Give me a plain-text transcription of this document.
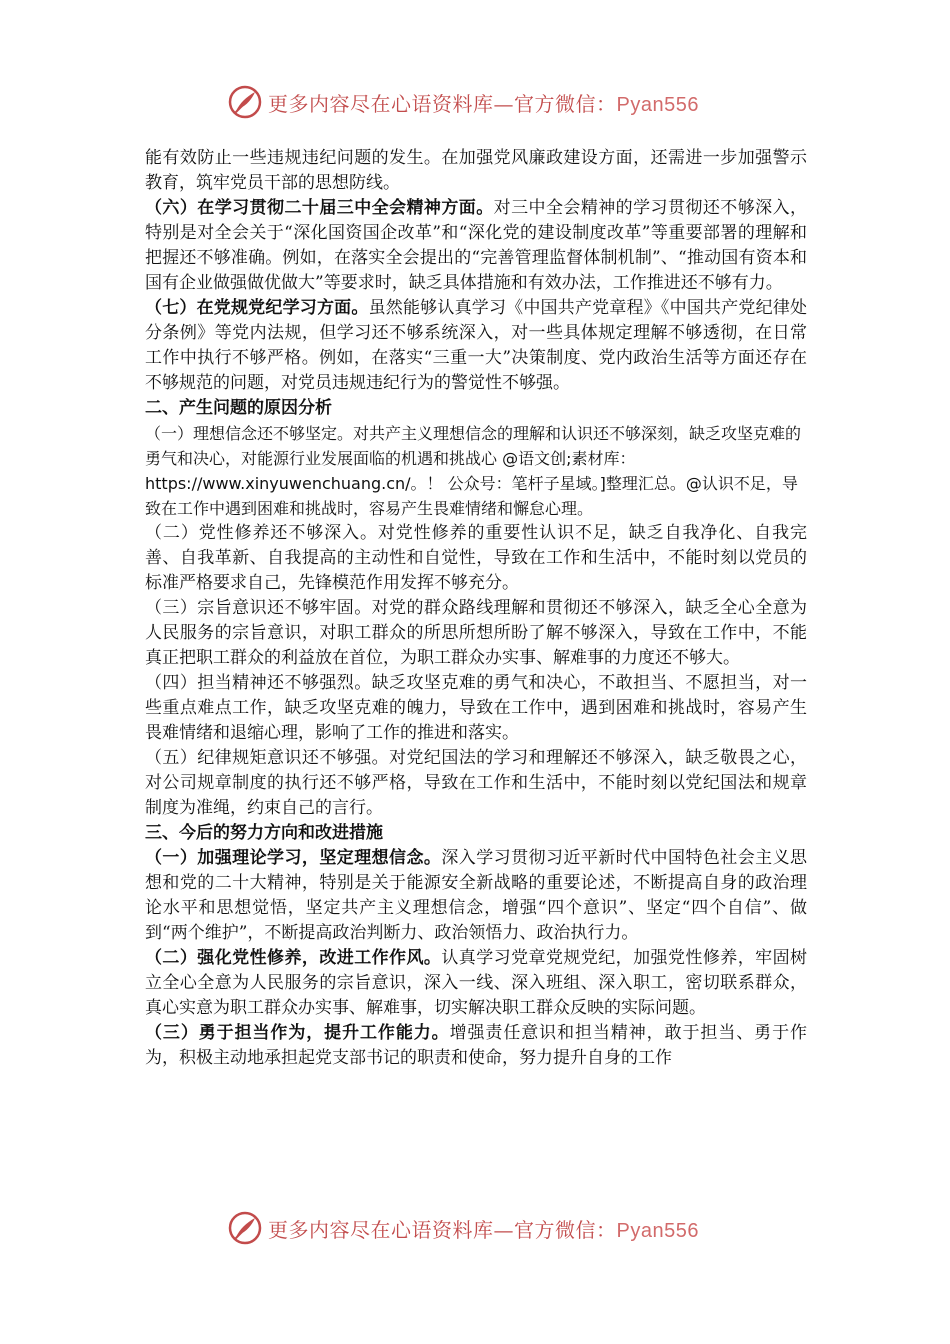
更多内容尽在心语资料库—官方微信：Pyan556

能有效防止一些违规违纪问题的发生。在加强党风廉政建设方面，还需进一步加强警示教育，筑牢党员干部的思想防线。

（六）在学习贯彻二十届三中全会精神方面。对三中全会精神的学习贯彻还不够深入，特别是对全会关于“深化国资国企改革”和“深化党的建设制度改革”等重要部署的理解和把握还不够准确。例如，在落实全会提出的“完善管理监督体制机制”、“推动国有资本和国有企业做强做优做大”等要求时，缺乏具体措施和有效办法，工作推进还不够有力。

（七）在党规党纪学习方面。虽然能够认真学习《中国共产党章程》《中国共产党纪律处分条例》等党内法规，但学习还不够系统深入，对一些具体规定理解不够透彻，在日常工作中执行不够严格。例如，在落实“三重一大”决策制度、党内政治生活等方面还存在不够规范的问题，对党员违规违纪行为的警觉性不够强。

二、产生问题的原因分析

（一）理想信念还不够坚定。对共产主义理想信念的理解和认识还不够深刻，缺乏攻坚克难的勇气和决心，对能源行业发展面临的机遇和挑战心 @语文创;素材库： https://www.xinyuwenchuang.cn/。！ 公众号：笔杆子星域。]整理汇总。@认识不足，导致在工作中遇到困难和挑战时，容易产生畏难情绪和懈怠心理。

（二）党性修养还不够深入。对党性修养的重要性认识不足，缺乏自我净化、自我完善、自我革新、自我提高的主动性和自觉性，导致在工作和生活中，不能时刻以党员的标准严格要求自己，先锋模范作用发挥不够充分。

（三）宗旨意识还不够牢固。对党的群众路线理解和贯彻还不够深入，缺乏全心全意为人民服务的宗旨意识，对职工群众的所思所想所盼了解不够深入，导致在工作中，不能真正把职工群众的利益放在首位，为职工群众办实事、解难事的力度还不够大。

（四）担当精神还不够强烈。缺乏攻坚克难的勇气和决心，不敢担当、不愿担当，对一些重点难点工作，缺乏攻坚克难的魄力，导致在工作中，遇到困难和挑战时，容易产生畏难情绪和退缩心理，影响了工作的推进和落实。

（五）纪律规矩意识还不够强。对党纪国法的学习和理解还不够深入，缺乏敬畏之心，对公司规章制度的执行还不够严格，导致在工作和生活中，不能时刻以党纪国法和规章制度为准绳，约束自己的言行。

三、今后的努力方向和改进措施

（一）加强理论学习，坚定理想信念。深入学习贯彻习近平新时代中国特色社会主义思想和党的二十大精神，特别是关于能源安全新战略的重要论述，不断提高自身的政治理论水平和思想觉悟，坚定共产主义理想信念，增强“四个意识”、坚定“四个自信”、做到“两个维护”，不断提高政治判断力、政治领悟力、政治执行力。

（二）强化党性修养，改进工作作风。认真学习党章党规党纪，加强党性修养，牢固树立全心全意为人民服务的宗旨意识，深入一线、深入班组、深入职工，密切联系群众，真心实意为职工群众办实事、解难事，切实解决职工群众反映的实际问题。

（三）勇于担当作为，提升工作能力。增强责任意识和担当精神，敢于担当、勇于作为，积极主动地承担起党支部书记的职责和使命，努力提升自身的工作

更多内容尽在心语资料库—官方微信：Pyan556
